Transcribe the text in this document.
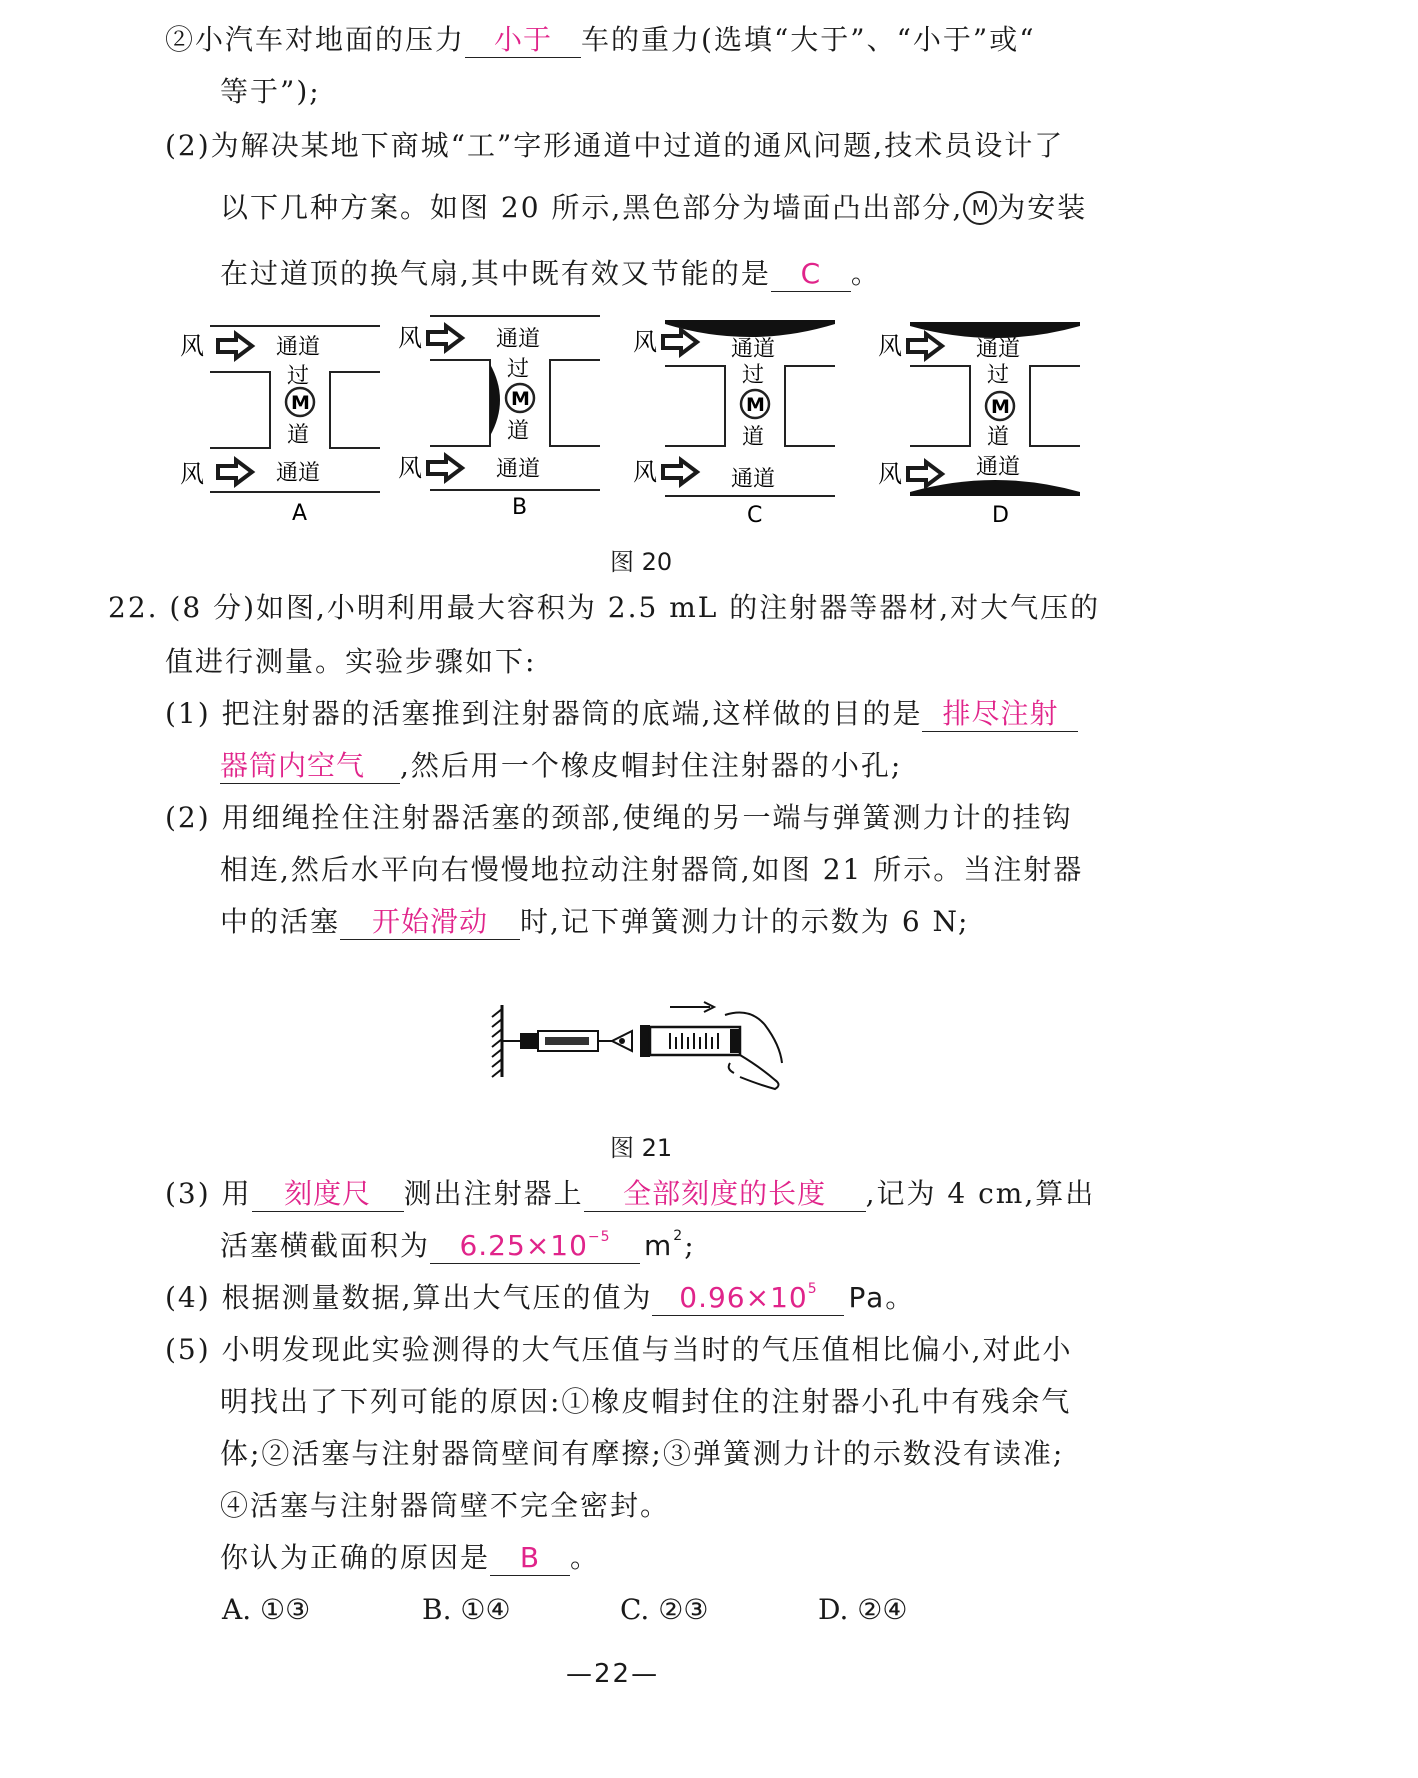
②小汽车对地面的压力 小于 车的重力(选填“大于”、“小于”或“
等于”);
(2)为解决某地下商城“工”字形通道中过道的通风问题,技术员设计了
以下几种方案。如图 20 所示,黑色部分为墙面凸出部分, M 为安装
在过道顶的换气扇,其中既有效又节能的是 C 。
风
风
通道
通道
过
M
道
A
风
风
通道
通道
过
M
道
B
风
风
通道
通道
过
M
道
C
风
风
通道
通道
过
M
道
D
图 20
22. (8 分)如图,小明利用最大容积为 2.5 mL 的注射器等器材,对大气压的
值进行测量。实验步骤如下:
(1) 把注射器的活塞推到注射器筒的底端,这样做的目的是 排尽注射
器筒内空气 ,然后用一个橡皮帽封住注射器的小孔;
(2) 用细绳拴住注射器活塞的颈部,使绳的另一端与弹簧测力计的挂钩
相连,然后水平向右慢慢地拉动注射器筒,如图 21 所示。当注射器
中的活塞 开始滑动 时,记下弹簧测力计的示数为 6 N;
图 21
(3) 用 刻度尺 测出注射器上 全部刻度的长度 ,记为 4 cm,算出
活塞横截面积为 $6.25\times 10^{-5}$ $m^2$;
(4) 根据测量数据,算出大气压的值为 $0.96\times 10^5$ Pa。
(5) 小明发现此实验测得的大气压值与当时的气压值相比偏小,对此小
明找出了下列可能的原因:①橡皮帽封住的注射器小孔中有残余气
体;②活塞与注射器筒壁间有摩擦;③弹簧测力计的示数没有读准;
④活塞与注射器筒壁不完全密封。
你认为正确的原因是 B 。
A. ①③	B. ①④	C. ②③	D. ②④
—22—
